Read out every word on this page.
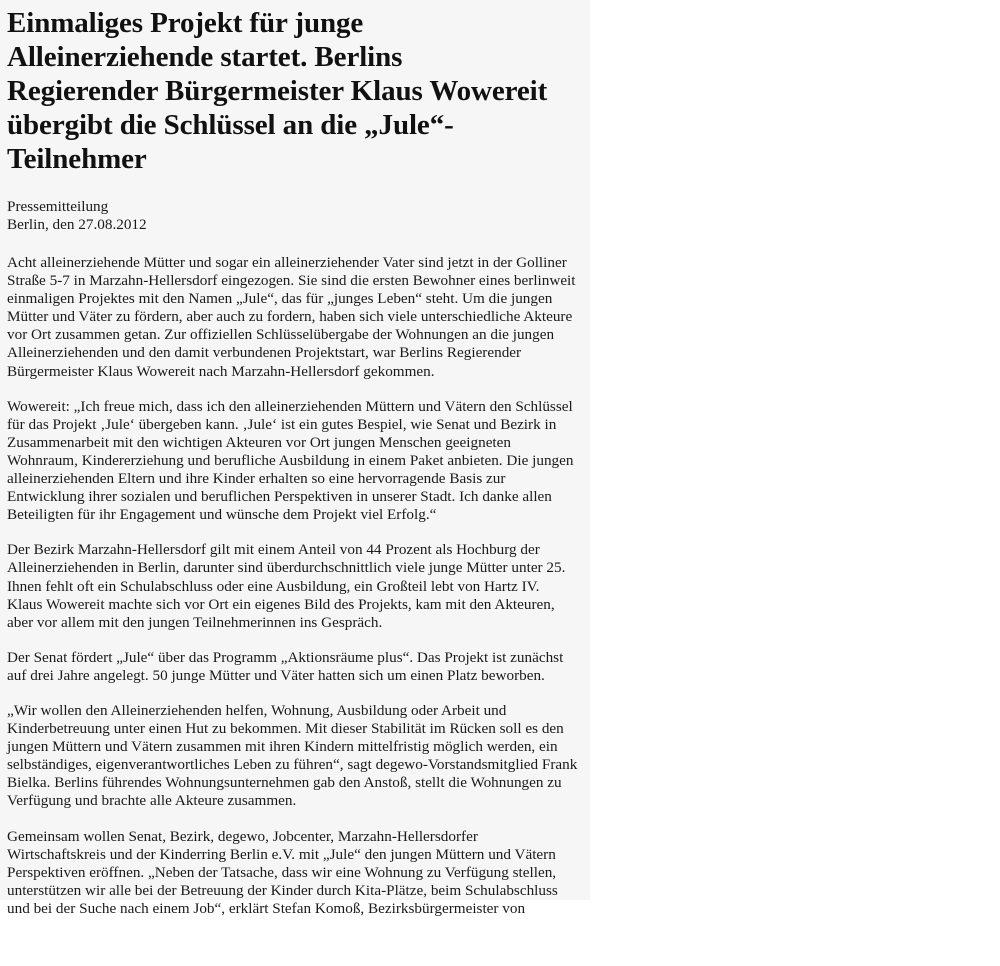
Einmaliges Projekt für junge
Alleinerziehende startet. Berlins
Regierender Bürgermeister Klaus Wowereit
übergibt die Schlüssel an die „Jule“-
Teilnehmer
Pressemitteilung
Berlin, den 27.08.2012

Acht alleinerziehende Mütter und sogar ein alleinerziehender Vater sind jetzt in der Golliner
Straße 5-7 in Marzahn-Hellersdorf eingezogen. Sie sind die ersten Bewohner eines berlinweit
einmaligen Projektes mit den Namen „Jule“, das für „junges Leben“ steht. Um die jungen
Mütter und Väter zu fördern, aber auch zu fordern, haben sich viele unterschiedliche Akteure
vor Ort zusammen getan. Zur offiziellen Schlüsselübergabe der Wohnungen an die jungen
Alleinerziehenden und den damit verbundenen Projektstart, war Berlins Regierender
Bürgermeister Klaus Wowereit nach Marzahn-Hellersdorf gekommen.

Wowereit: „Ich freue mich, dass ich den alleinerziehenden Müttern und Vätern den Schlüssel
für das Projekt ‚Jule‘ übergeben kann. ‚Jule‘ ist ein gutes Bespiel, wie Senat und Bezirk in
Zusammenarbeit mit den wichtigen Akteuren vor Ort jungen Menschen geeigneten
Wohnraum, Kindererziehung und berufliche Ausbildung in einem Paket anbieten. Die jungen
alleinerziehenden Eltern und ihre Kinder erhalten so eine hervorragende Basis zur
Entwicklung ihrer sozialen und beruflichen Perspektiven in unserer Stadt. Ich danke allen
Beteiligten für ihr Engagement und wünsche dem Projekt viel Erfolg.“

Der Bezirk Marzahn-Hellersdorf gilt mit einem Anteil von 44 Prozent als Hochburg der
Alleinerziehenden in Berlin, darunter sind überdurchschnittlich viele junge Mütter unter 25.
Ihnen fehlt oft ein Schulabschluss oder eine Ausbildung, ein Großteil lebt von Hartz IV.
Klaus Wowereit machte sich vor Ort ein eigenes Bild des Projekts, kam mit den Akteuren,
aber vor allem mit den jungen Teilnehmerinnen ins Gespräch.

Der Senat fördert „Jule“ über das Programm „Aktionsräume plus“. Das Projekt ist zunächst
auf drei Jahre angelegt. 50 junge Mütter und Väter hatten sich um einen Platz beworben.

„Wir wollen den Alleinerziehenden helfen, Wohnung, Ausbildung oder Arbeit und
Kinderbetreuung unter einen Hut zu bekommen. Mit dieser Stabilität im Rücken soll es den
jungen Müttern und Vätern zusammen mit ihren Kindern mittelfristig möglich werden, ein
selbständiges, eigenverantwortliches Leben zu führen“, sagt degewo-Vorstandsmitglied Frank
Bielka. Berlins führendes Wohnungsunternehmen gab den Anstoß, stellt die Wohnungen zu
Verfügung und brachte alle Akteure zusammen.

Gemeinsam wollen Senat, Bezirk, degewo, Jobcenter, Marzahn-Hellersdorfer
Wirtschaftskreis und der Kinderring Berlin e.V. mit „Jule“ den jungen Müttern und Vätern
Perspektiven eröffnen. „Neben der Tatsache, dass wir eine Wohnung zu Verfügung stellen,
unterstützen wir alle bei der Betreuung der Kinder durch Kita-Plätze, beim Schulabschluss
und bei der Suche nach einem Job“, erklärt Stefan Komoß, Bezirksbürgermeister von
